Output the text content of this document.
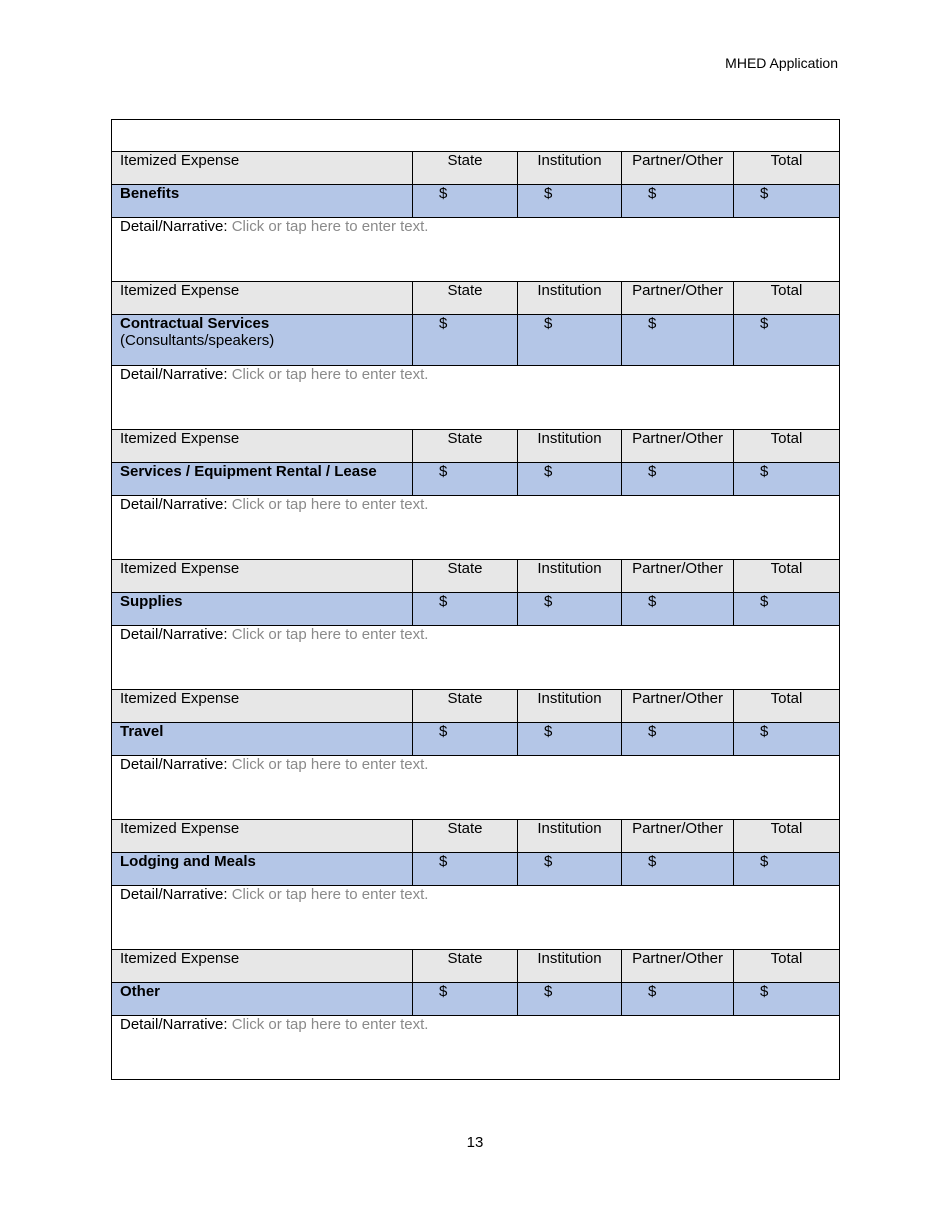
MHED Application

Itemized Expense	State	Institution	Partner/Other	Total
Benefits	$	$	$	$
Detail/Narrative: Click or tap here to enter text.				
Itemized Expense	State	Institution	Partner/Other	Total
Contractual Services
(Consultants/speakers)	$	$	$	$
Detail/Narrative: Click or tap here to enter text.				
Itemized Expense	State	Institution	Partner/Other	Total
Services / Equipment Rental / Lease	$	$	$	$
Detail/Narrative: Click or tap here to enter text.				
Itemized Expense	State	Institution	Partner/Other	Total
Supplies	$	$	$	$
Detail/Narrative: Click or tap here to enter text.				
Itemized Expense	State	Institution	Partner/Other	Total
Travel	$	$	$	$
Detail/Narrative: Click or tap here to enter text.				
Itemized Expense	State	Institution	Partner/Other	Total
Lodging and Meals	$	$	$	$
Detail/Narrative: Click or tap here to enter text.				
Itemized Expense	State	Institution	Partner/Other	Total
Other	$	$	$	$
Detail/Narrative: Click or tap here to enter text.				
13
